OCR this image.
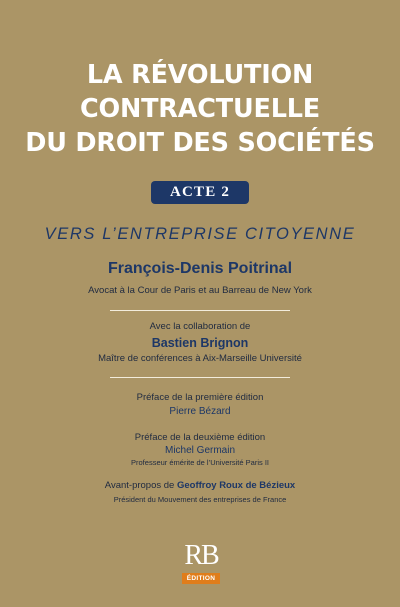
LA RÉVOLUTION
CONTRACTUELLE
DU DROIT DES SOCIÉTÉS
ACTE 2
VERS L’ENTREPRISE CITOYENNE
François-Denis Poitrinal
Avocat à la Cour de Paris et au Barreau de New York
Avec la collaboration de
Bastien Brignon
Maître de conférences à Aix-Marseille Université
Préface de la première édition
Pierre Bézard
Préface de la deuxième édition
Michel Germain
Professeur émérite de l’Université Paris II
Avant-propos de Geoffroy Roux de Bézieux
Président du Mouvement des entreprises de France
RB
ÉDITION
